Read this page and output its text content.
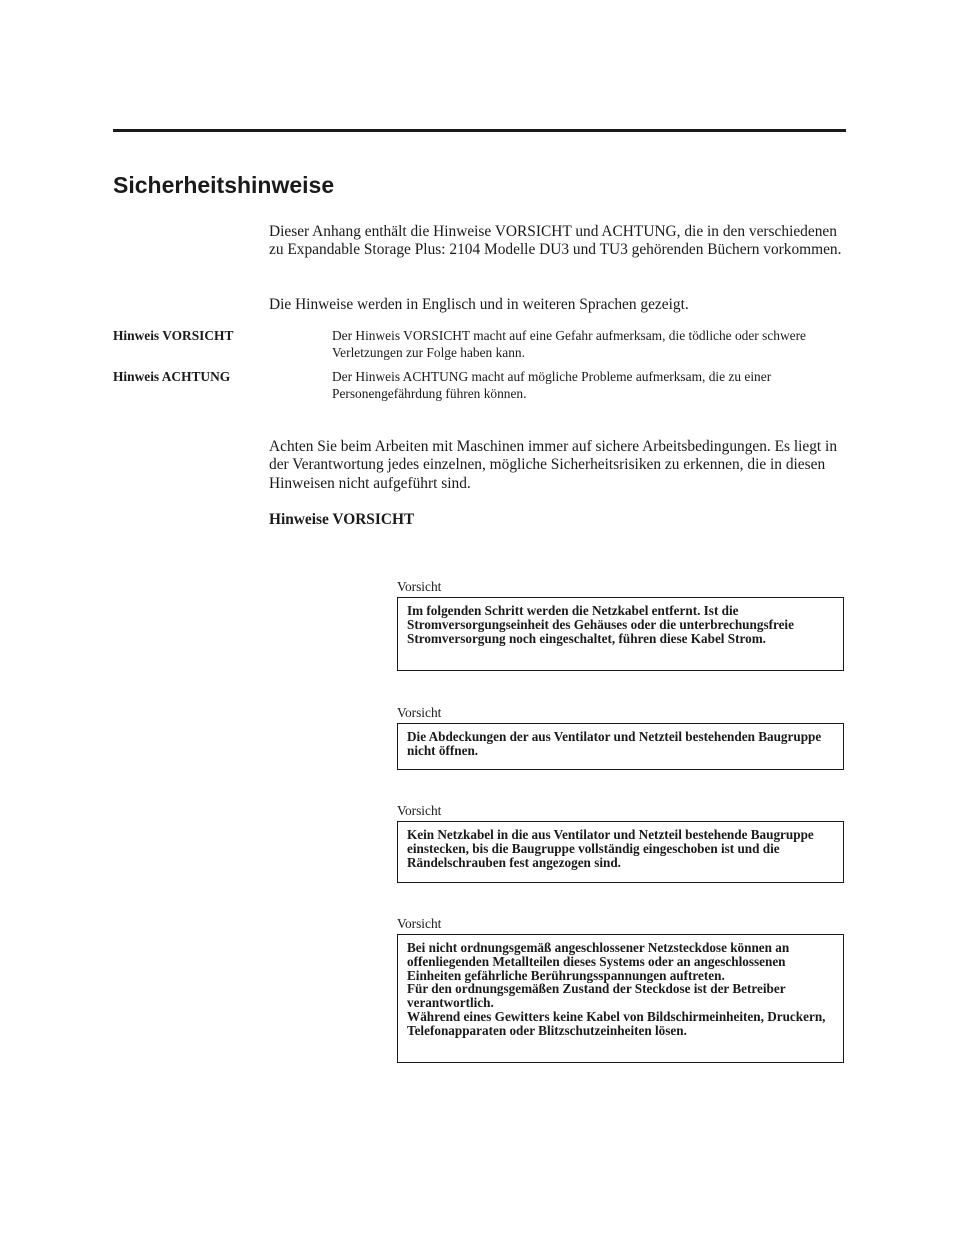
Sicherheitshinweise

Dieser Anhang enthält die Hinweise VORSICHT und ACHTUNG, die in den verschiedenen zu Expandable Storage Plus: 2104 Modelle DU3 und TU3 gehörenden Büchern vorkommen.

Die Hinweise werden in Englisch und in weiteren Sprachen gezeigt.

Hinweis VORSICHT	Der Hinweis VORSICHT macht auf eine Gefahr aufmerksam, die tödliche oder schwere Verletzungen zur Folge haben kann.

Hinweis ACHTUNG	Der Hinweis ACHTUNG macht auf mögliche Probleme aufmerksam, die zu einer Personengefährdung führen können.

Achten Sie beim Arbeiten mit Maschinen immer auf sichere Arbeitsbedingungen. Es liegt in der Verantwortung jedes einzelnen, mögliche Sicherheitsrisiken zu erkennen, die in diesen Hinweisen nicht aufgeführt sind.

Hinweise VORSICHT

Vorsicht

Im folgenden Schritt werden die Netzkabel entfernt. Ist die Stromversorgungseinheit des Gehäuses oder die unterbrechungsfreie Stromversorgung noch eingeschaltet, führen diese Kabel Strom.

Vorsicht

Die Abdeckungen der aus Ventilator und Netzteil bestehenden Baugruppe nicht öffnen.

Vorsicht

Kein Netzkabel in die aus Ventilator und Netzteil bestehende Baugruppe einstecken, bis die Baugruppe vollständig eingeschoben ist und die Rändelschrauben fest angezogen sind.

Vorsicht

Bei nicht ordnungsgemäß angeschlossener Netzsteckdose können an offenliegenden Metallteilen dieses Systems oder an angeschlossenen Einheiten gefährliche Berührungsspannungen auftreten.

Für den ordnungsgemäßen Zustand der Steckdose ist der Betreiber verantwortlich.

Während eines Gewitters keine Kabel von Bildschirmeinheiten, Druckern, Telefonapparaten oder Blitzschutzeinheiten lösen.
